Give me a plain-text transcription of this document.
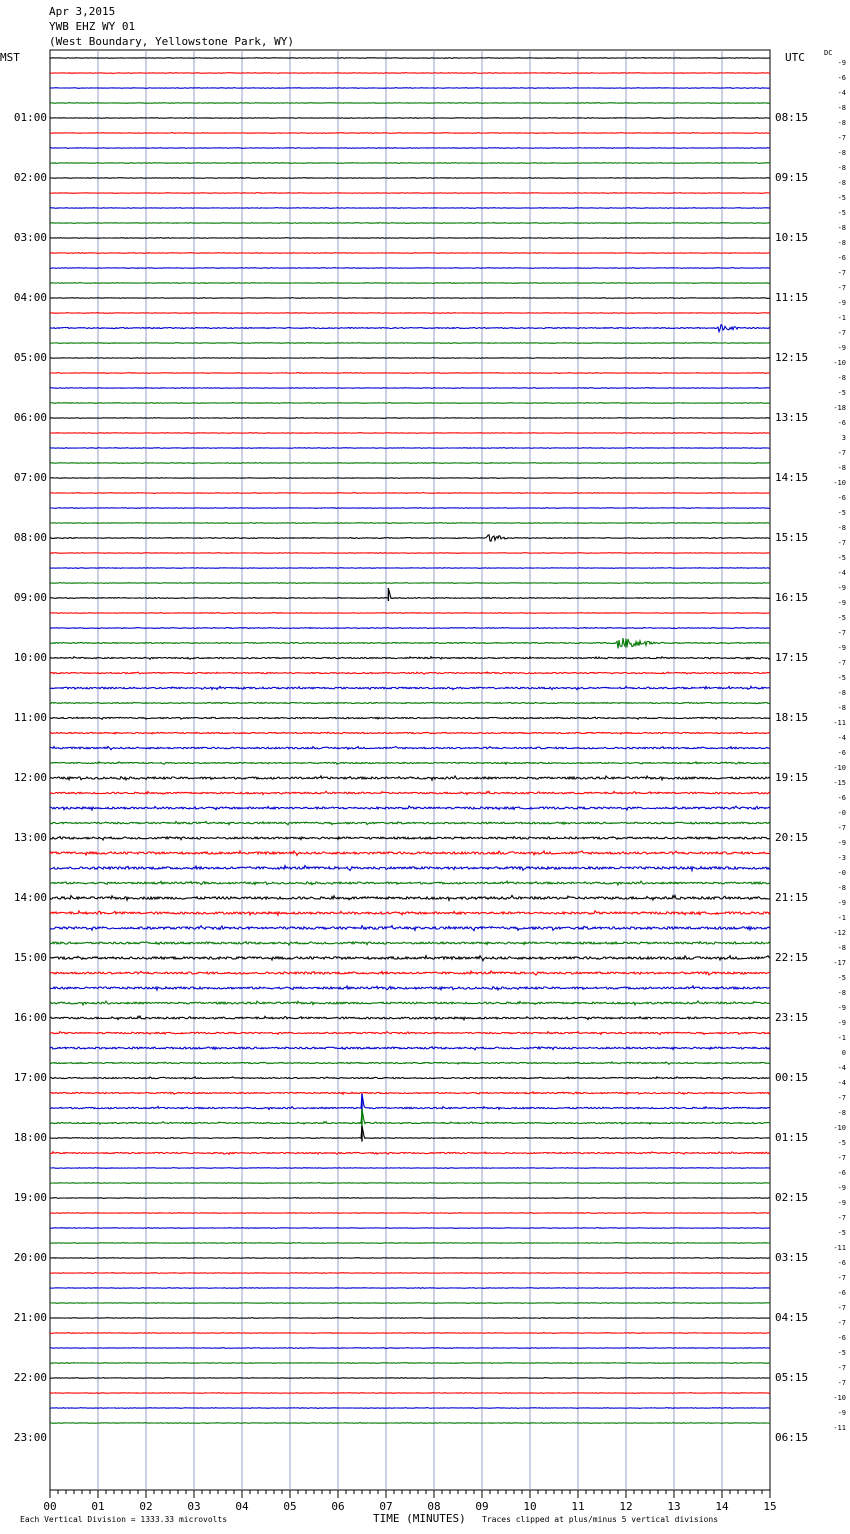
Apr 3,2015
YWB EHZ WY 01
(West Boundary, Yellowstone Park, WY)
MST	UTC	DC
-9
-6
-4
-8
-8
-7
-8
-8
-8
-5
-5
-8
-8
-6
-7
-7
-9
-1
-7
-9
-10
-8
-5
-18
-6
3
-7
-8
-10
-6
-5
-8
-7
-5
-4
-9
-9
-5
-7
-9
-7
-5
-8
-8
-11
-4
-6
-10
-15
-6
-0
-7
-9
-3
-0
-8
-9
-1
-12
-8
-17
-5
-8
-9
-9
-1
0
-4
-4
-7
-8
-10
-5
-7
-6
-9
-9
-7
-5
-11
-6
-7
-6
-7
-7
-6
-5
-7
-7
-10
-9
-11
01:00	08:15
02:00	09:15
03:00	10:15
04:00	11:15
05:00	12:15
06:00	13:15
07:00	14:15
08:00	15:15
09:00	16:15
10:00	17:15
11:00	18:15
12:00	19:15
13:00	20:15
14:00	21:15
15:00	22:15
16:00	23:15
17:00	00:15
18:00	01:15
19:00	02:15
20:00	03:15
21:00	04:15
22:00	05:15
23:00	06:15
00	01	02	03	04	05	06	07	08	09	10	11	12	13	14	15
TIME (MINUTES)
Each Vertical Division = 1333.33 microvolts	Traces clipped at plus/minus 5 vertical divisions
